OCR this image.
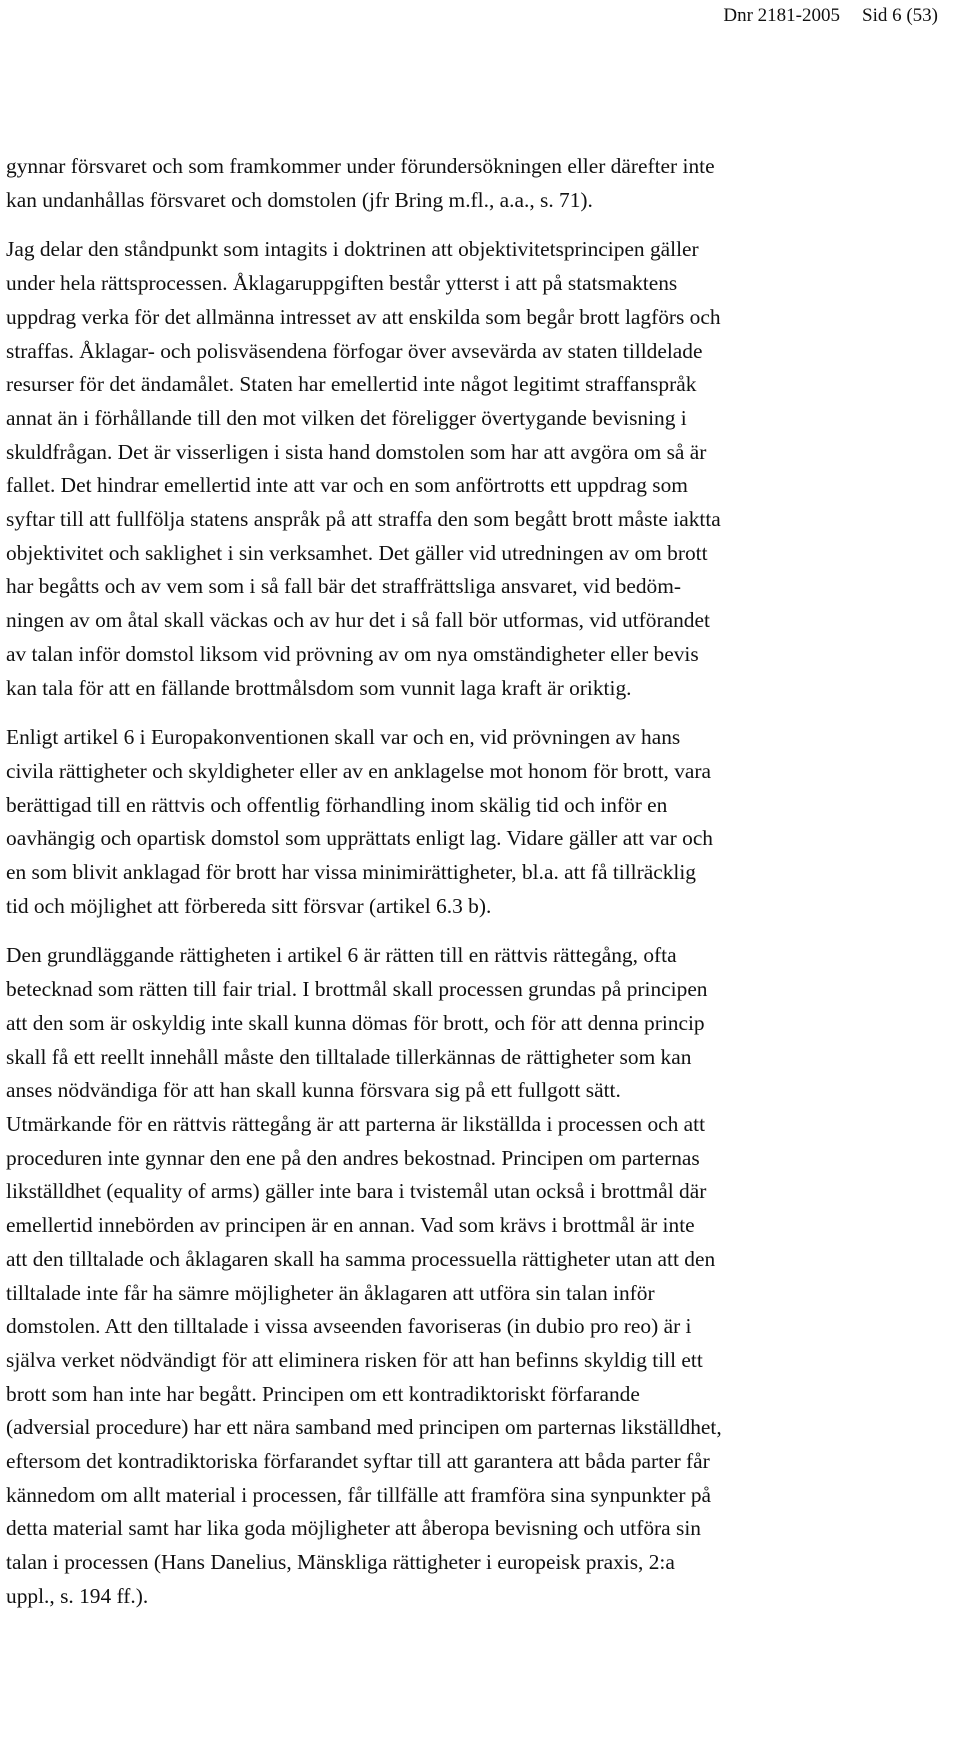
Dnr 2181-2005 Sid 6 (53)

gynnar försvaret och som framkommer under förundersökningen eller därefter inte
kan undanhållas försvaret och domstolen (jfr Bring m.fl., a.a., s. 71).

Jag delar den ståndpunkt som intagits i doktrinen att objektivitetsprincipen gäller
under hela rättsprocessen. Åklagaruppgiften består ytterst i att på statsmaktens
uppdrag verka för det allmänna intresset av att enskilda som begår brott lagförs och
straffas. Åklagar- och polisväsendena förfogar över avsevärda av staten tilldelade
resurser för det ändamålet. Staten har emellertid inte något legitimt straffanspråk
annat än i förhållande till den mot vilken det föreligger övertygande bevisning i
skuldfrågan. Det är visserligen i sista hand domstolen som har att avgöra om så är
fallet. Det hindrar emellertid inte att var och en som anförtrotts ett uppdrag som
syftar till att fullfölja statens anspråk på att straffa den som begått brott måste iaktta
objektivitet och saklighet i sin verksamhet. Det gäller vid utredningen av om brott
har begåtts och av vem som i så fall bär det straffrättsliga ansvaret, vid bedöm-
ningen av om åtal skall väckas och av hur det i så fall bör utformas, vid utförandet
av talan inför domstol liksom vid prövning av om nya omständigheter eller bevis
kan tala för att en fällande brottmålsdom som vunnit laga kraft är oriktig.

Enligt artikel 6 i Europakonventionen skall var och en, vid prövningen av hans
civila rättigheter och skyldigheter eller av en anklagelse mot honom för brott, vara
berättigad till en rättvis och offentlig förhandling inom skälig tid och inför en
oavhängig och opartisk domstol som upprättats enligt lag. Vidare gäller att var och
en som blivit anklagad för brott har vissa minimirättigheter, bl.a. att få tillräcklig
tid och möjlighet att förbereda sitt försvar (artikel 6.3 b).

Den grundläggande rättigheten i artikel 6 är rätten till en rättvis rättegång, ofta
betecknad som rätten till fair trial. I brottmål skall processen grundas på principen
att den som är oskyldig inte skall kunna dömas för brott, och för att denna princip
skall få ett reellt innehåll måste den tilltalade tillerkännas de rättigheter som kan
anses nödvändiga för att han skall kunna försvara sig på ett fullgott sätt.
Utmärkande för en rättvis rättegång är att parterna är likställda i processen och att
proceduren inte gynnar den ene på den andres bekostnad. Principen om parternas
likställdhet (equality of arms) gäller inte bara i tvistemål utan också i brottmål där
emellertid innebörden av principen är en annan. Vad som krävs i brottmål är inte
att den tilltalade och åklagaren skall ha samma processuella rättigheter utan att den
tilltalade inte får ha sämre möjligheter än åklagaren att utföra sin talan inför
domstolen. Att den tilltalade i vissa avseenden favoriseras (in dubio pro reo) är i
själva verket nödvändigt för att eliminera risken för att han befinns skyldig till ett
brott som han inte har begått. Principen om ett kontradiktoriskt förfarande
(adversial procedure) har ett nära samband med principen om parternas likställdhet,
eftersom det kontradiktoriska förfarandet syftar till att garantera att båda parter får
kännedom om allt material i processen, får tillfälle att framföra sina synpunkter på
detta material samt har lika goda möjligheter att åberopa bevisning och utföra sin
talan i processen (Hans Danelius, Mänskliga rättigheter i europeisk praxis, 2:a
uppl., s. 194 ff.).
